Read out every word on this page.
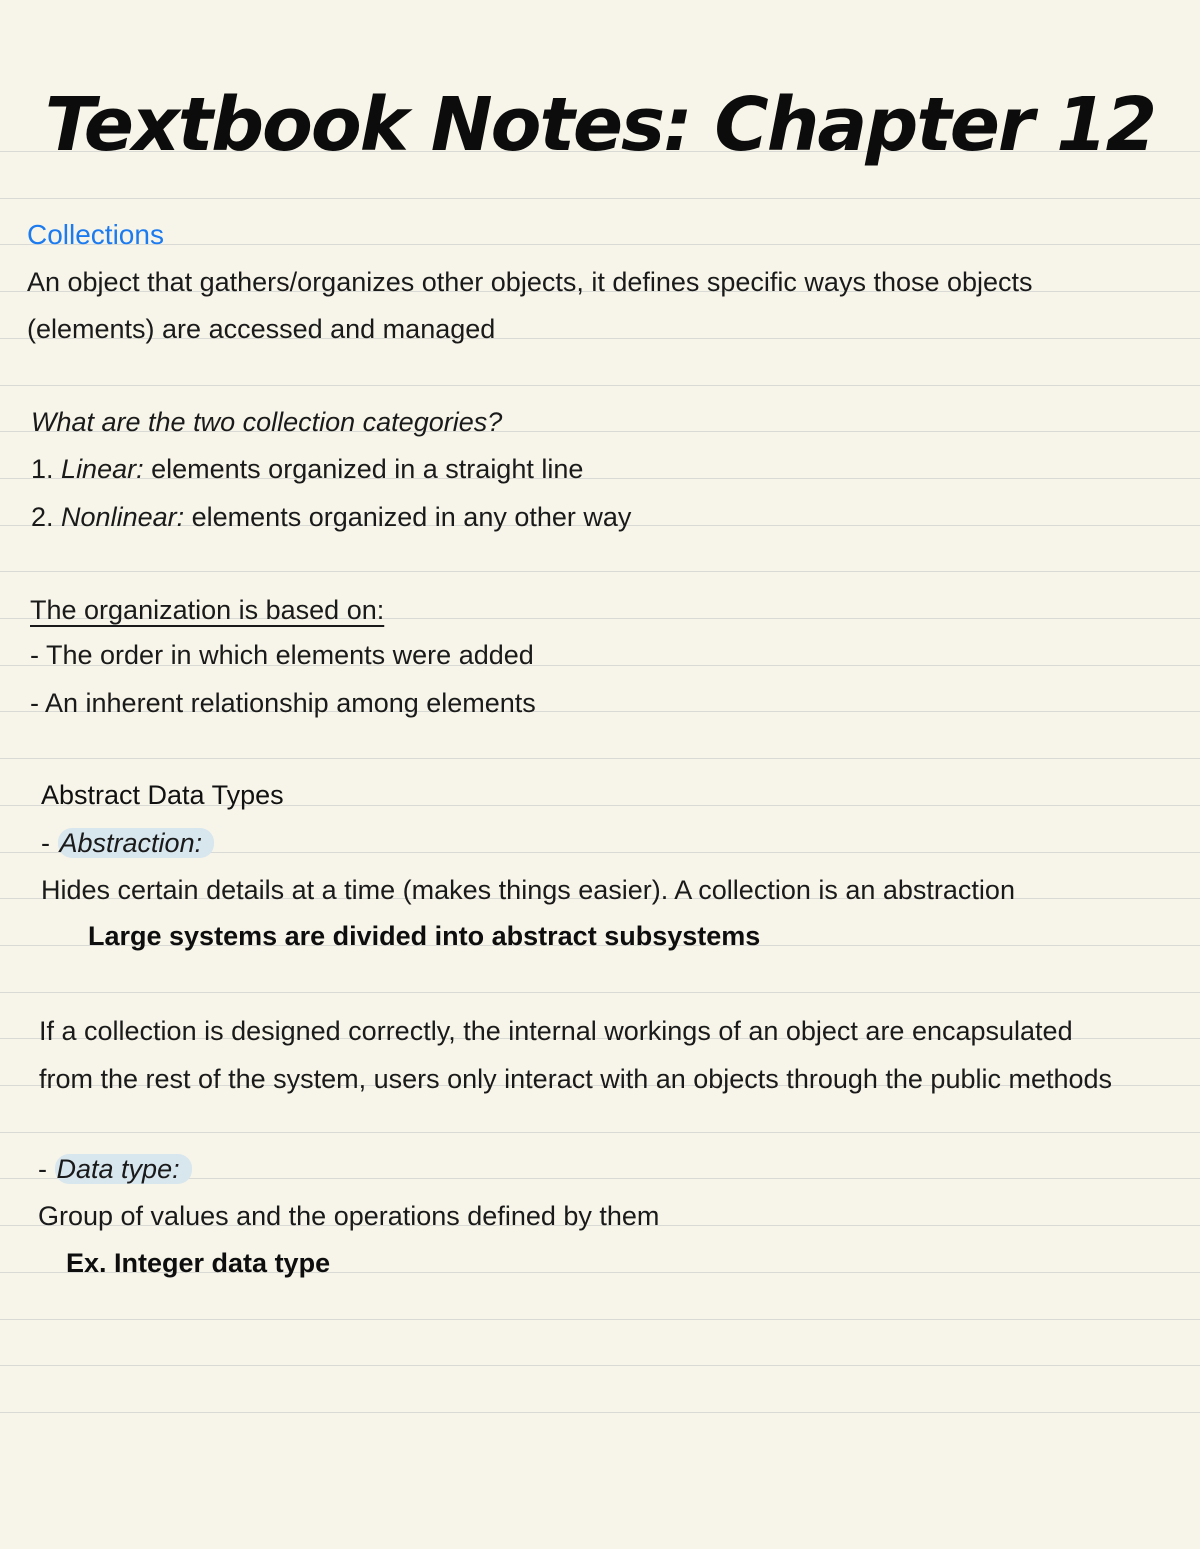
Textbook Notes: Chapter 12
Collections
An object that gathers/organizes other objects, it defines specific ways those objects
(elements) are accessed and managed
What are the two collection categories?
1. Linear: elements organized in a straight line
2. Nonlinear: elements organized in any other way
The organization is based on:
- The order in which elements were added
- An inherent relationship among elements
Abstract Data Types
- Abstraction:
Hides certain details at a time (makes things easier). A collection is an abstraction
Large systems are divided into abstract subsystems
If a collection is designed correctly, the internal workings of an object are encapsulated
from the rest of the system, users only interact with an objects through the public methods
- Data type:
Group of values and the operations defined by them
Ex. Integer data type
